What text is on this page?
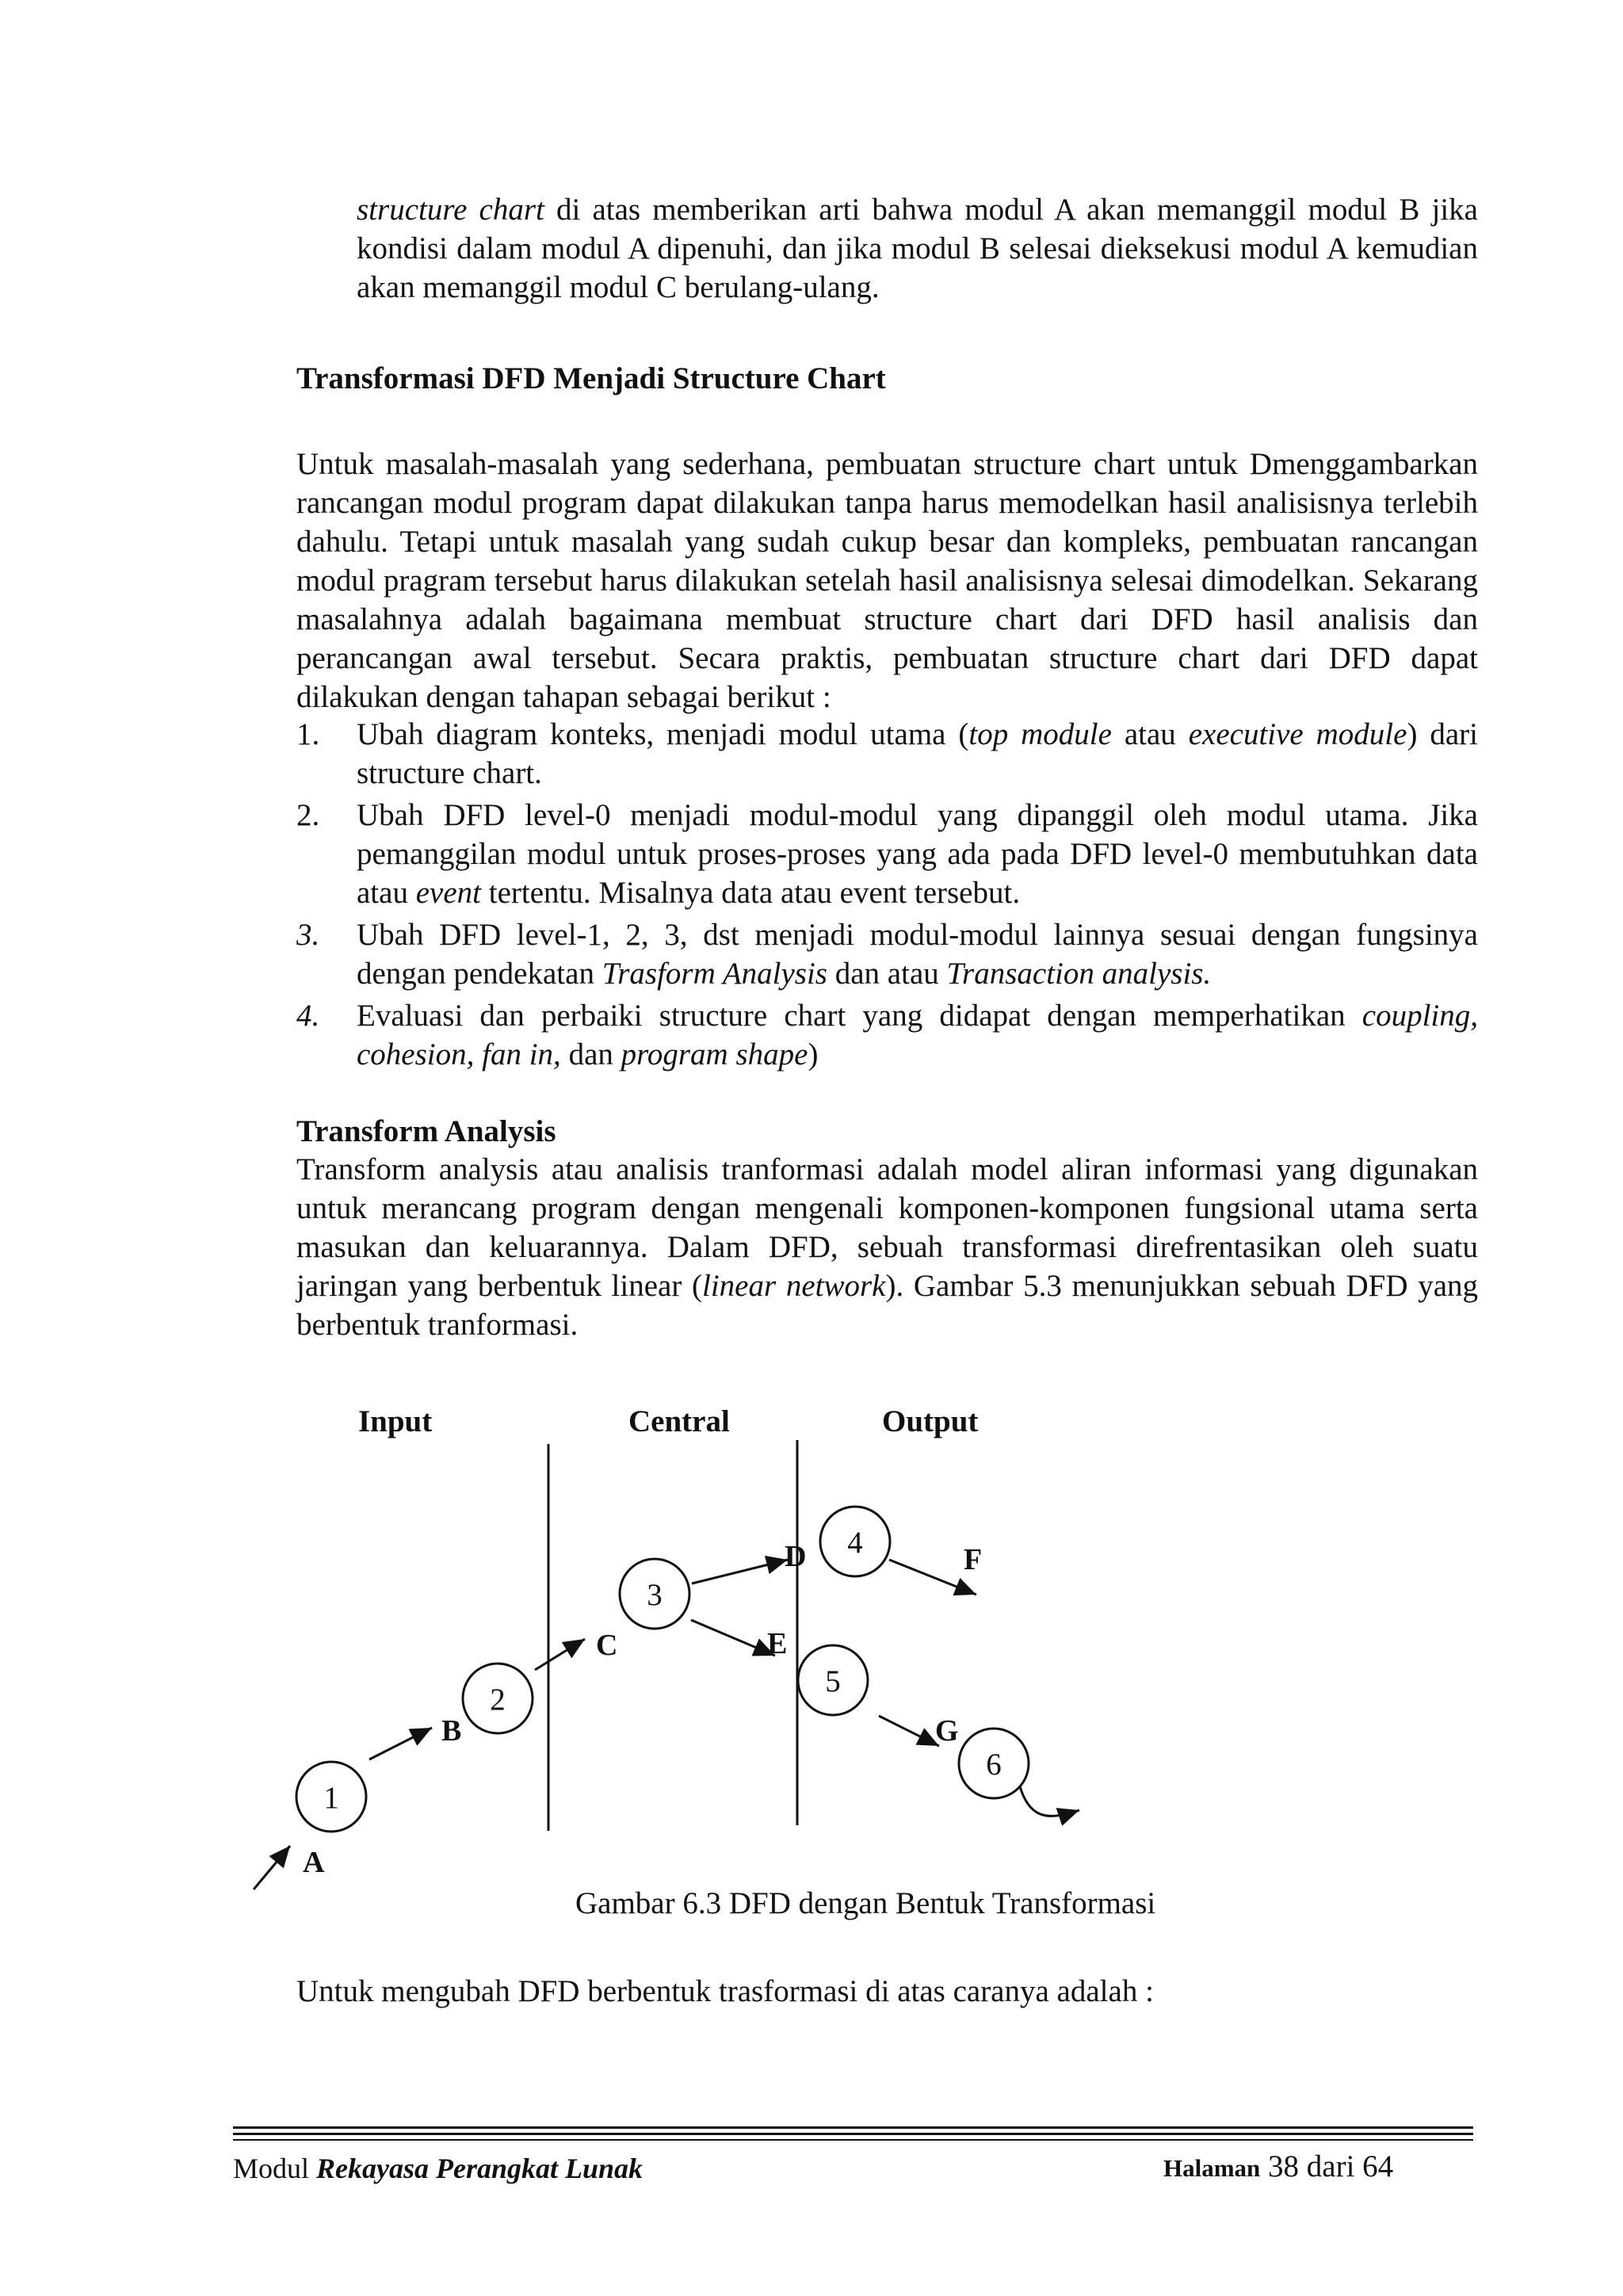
structure chart di atas memberikan arti bahwa modul A akan memanggil modul B jika kondisi dalam modul A dipenuhi, dan jika modul B selesai dieksekusi modul A kemudian akan memanggil modul C berulang-ulang.

Transformasi DFD Menjadi Structure Chart
Untuk masalah-masalah yang sederhana, pembuatan structure chart untuk Dmenggambarkan rancangan modul program dapat dilakukan tanpa harus memodelkan hasil analisisnya terlebih dahulu. Tetapi untuk masalah yang sudah cukup besar dan kompleks, pembuatan rancangan modul pragram tersebut harus dilakukan setelah hasil analisisnya selesai dimodelkan. Sekarang masalahnya adalah bagaimana membuat structure chart dari DFD hasil analisis dan perancangan awal tersebut. Secara praktis, pembuatan structure chart dari DFD dapat dilakukan dengan tahapan sebagai berikut :
1. Ubah diagram konteks, menjadi modul utama (top module atau executive module) dari structure chart.
2. Ubah DFD level-0 menjadi modul-modul yang dipanggil oleh modul utama. Jika pemanggilan modul untuk proses-proses yang ada pada DFD level-0 membutuhkan data atau event tertentu. Misalnya data atau event tersebut.
3. Ubah DFD level-1, 2, 3, dst menjadi modul-modul lainnya sesuai dengan fungsinya dengan pendekatan Trasform Analysis dan atau Transaction analysis.
4. Evaluasi dan perbaiki structure chart yang didapat dengan memperhatikan coupling, cohesion, fan in, dan program shape)
Transform Analysis

Transform analysis atau analisis tranformasi adalah model aliran informasi yang digunakan untuk merancang program dengan mengenali komponen-komponen fungsional utama serta masukan dan keluarannya. Dalam DFD, sebuah transformasi direfrentasikan oleh suatu jaringan yang berbentuk linear (linear network). Gambar 5.3 menunjukkan sebuah DFD yang berbentuk tranformasi.

Input	Central	Output
1
2
3
4
5
6
A
B
C
D
E
F
G
Gambar 6.3 DFD dengan Bentuk Transformasi
Untuk mengubah DFD berbentuk trasformasi di atas caranya adalah :
Modul Rekayasa Perangkat Lunak	Halaman 38 dari 64
